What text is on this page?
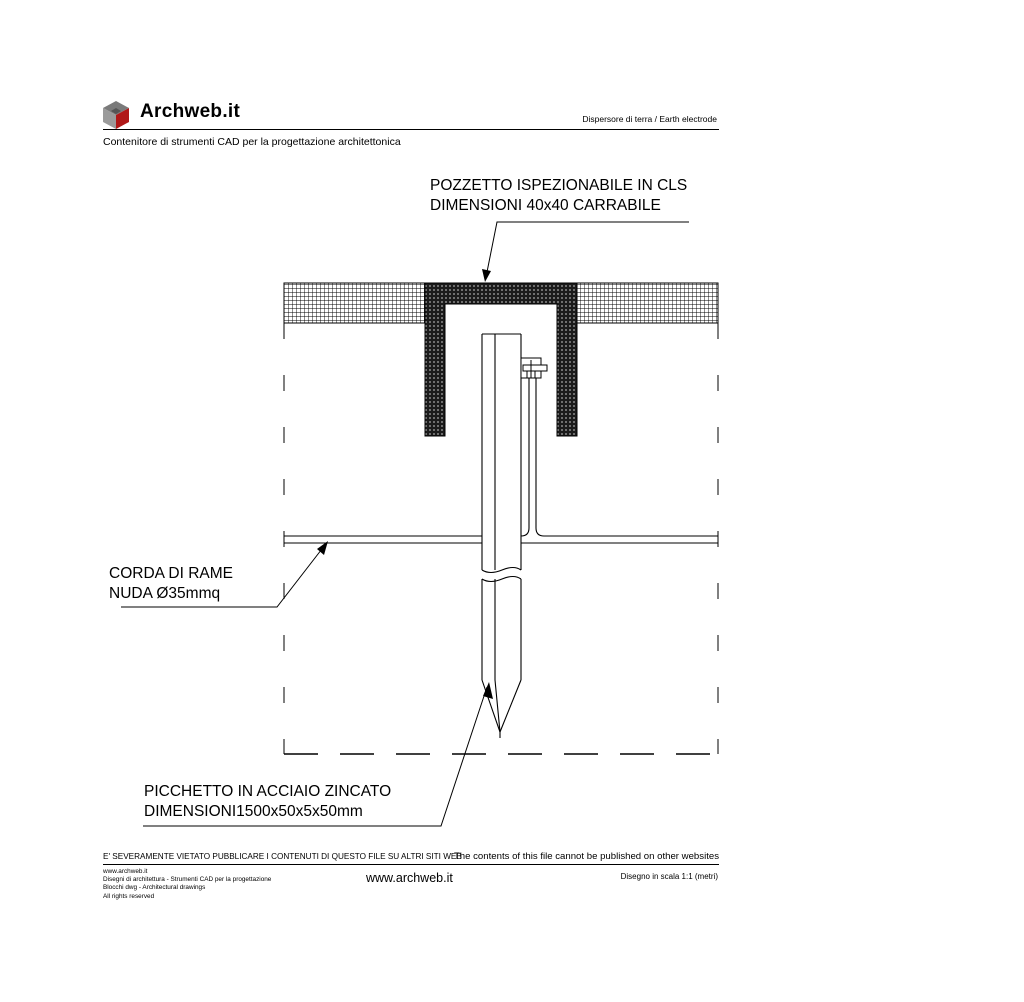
Archweb.it	Dispersore di terra / Earth electrode
Contenitore di strumenti CAD per la progettazione architettonica
POZZETTO ISPEZIONABILE IN CLS
DIMENSIONI 40x40 CARRABILE
CORDA DI RAME
NUDA Ø35mmq
PICCHETTO IN ACCIAIO ZINCATO
DIMENSIONI1500x50x5x50mm
E' SEVERAMENTE VIETATO PUBBLICARE I CONTENUTI DI QUESTO FILE SU ALTRI SITI WEB
The contents of this file cannot be published on other websites
www.archweb.it
Disegni di architettura - Strumenti CAD per la progettazione
Blocchi dwg - Architectural drawings
All rights reserved
www.archweb.it	Disegno in scala 1:1 (metri)
